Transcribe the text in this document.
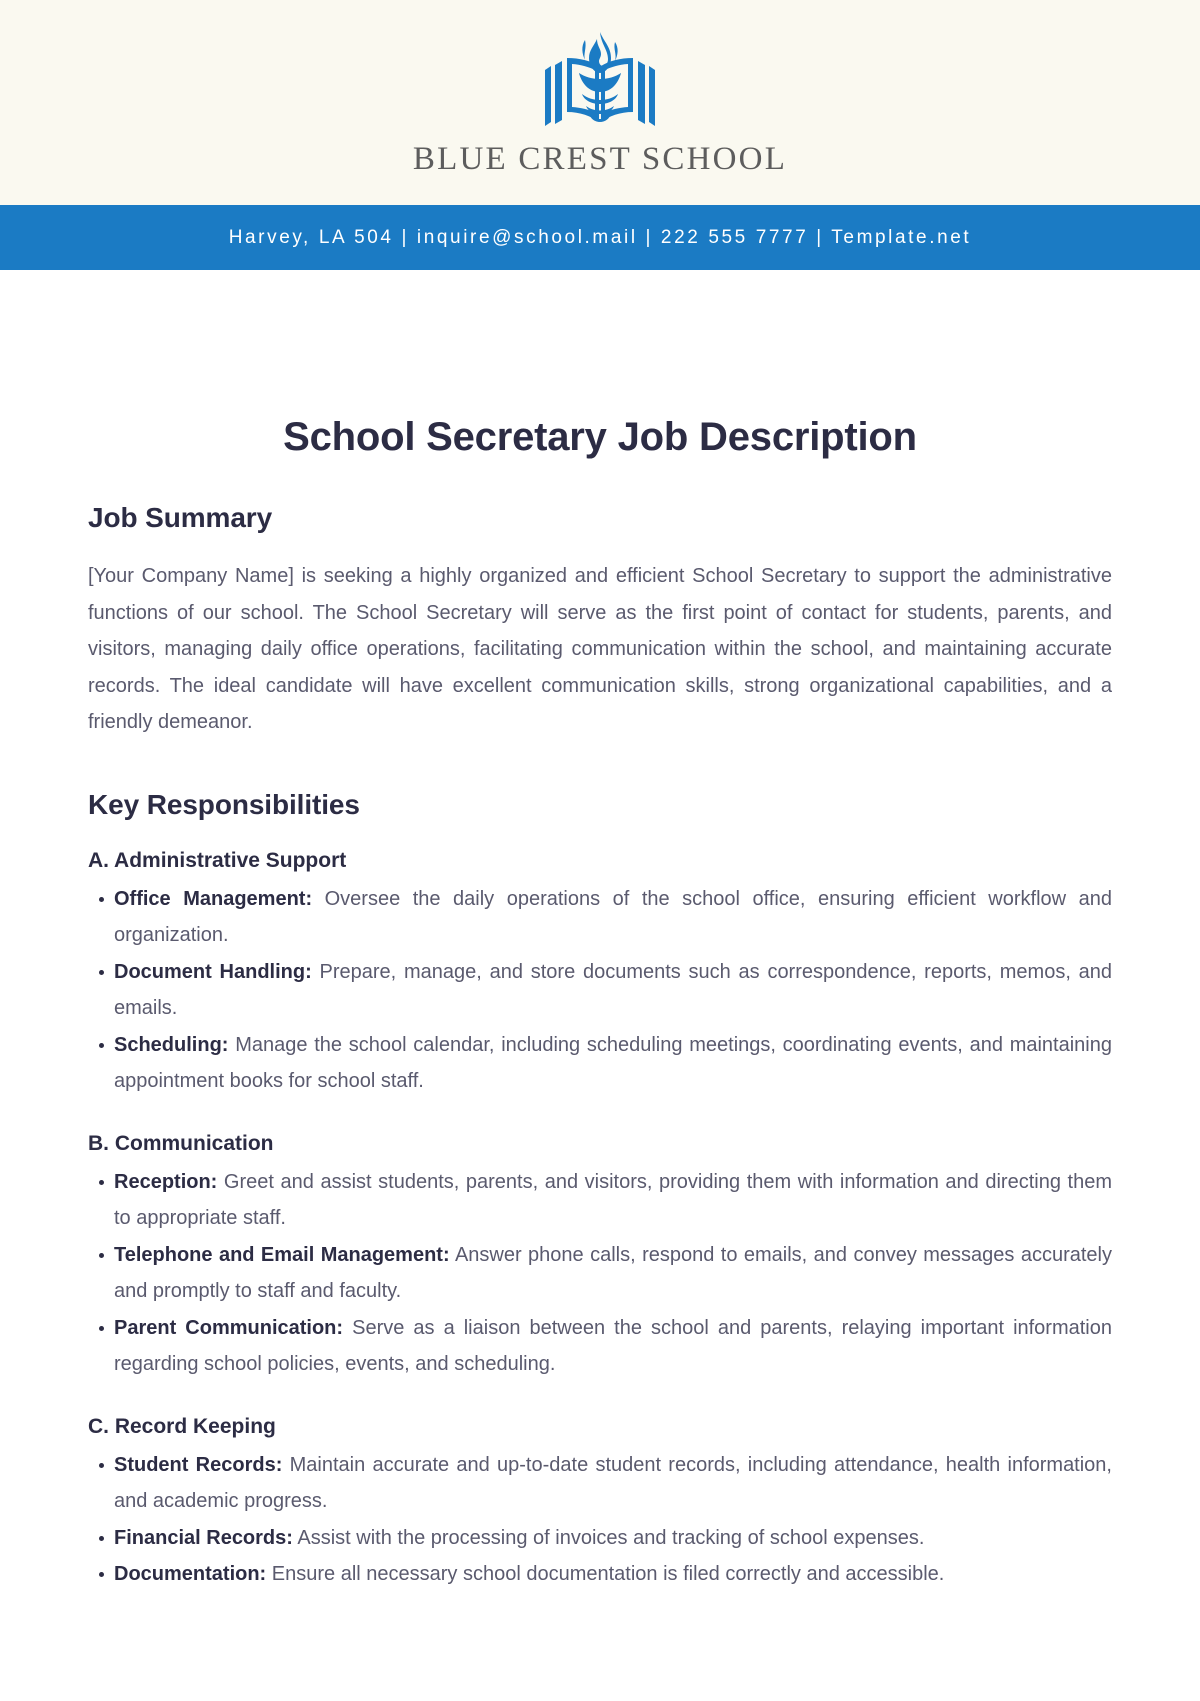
BLUE CREST SCHOOL
Harvey, LA 504 | inquire@school.mail | 222 555 7777 | Template.net
School Secretary Job Description
Job Summary

[Your Company Name] is seeking a highly organized and efficient School Secretary to support the administrative functions of our school. The School Secretary will serve as the first point of contact for students, parents, and visitors, managing daily office operations, facilitating communication within the school, and maintaining accurate records. The ideal candidate will have excellent communication skills, strong organizational capabilities, and a friendly demeanor.

Key Responsibilities
A. Administrative Support
Office Management: Oversee the daily operations of the school office, ensuring efficient workflow and organization.
Document Handling: Prepare, manage, and store documents such as correspondence, reports, memos, and emails.
Scheduling: Manage the school calendar, including scheduling meetings, coordinating events, and maintaining appointment books for school staff.
B. Communication
Reception: Greet and assist students, parents, and visitors, providing them with information and directing them to appropriate staff.
Telephone and Email Management: Answer phone calls, respond to emails, and convey messages accurately and promptly to staff and faculty.
Parent Communication: Serve as a liaison between the school and parents, relaying important information regarding school policies, events, and scheduling.
C. Record Keeping
Student Records: Maintain accurate and up-to-date student records, including attendance, health information, and academic progress.
Financial Records: Assist with the processing of invoices and tracking of school expenses.
Documentation: Ensure all necessary school documentation is filed correctly and accessible.
